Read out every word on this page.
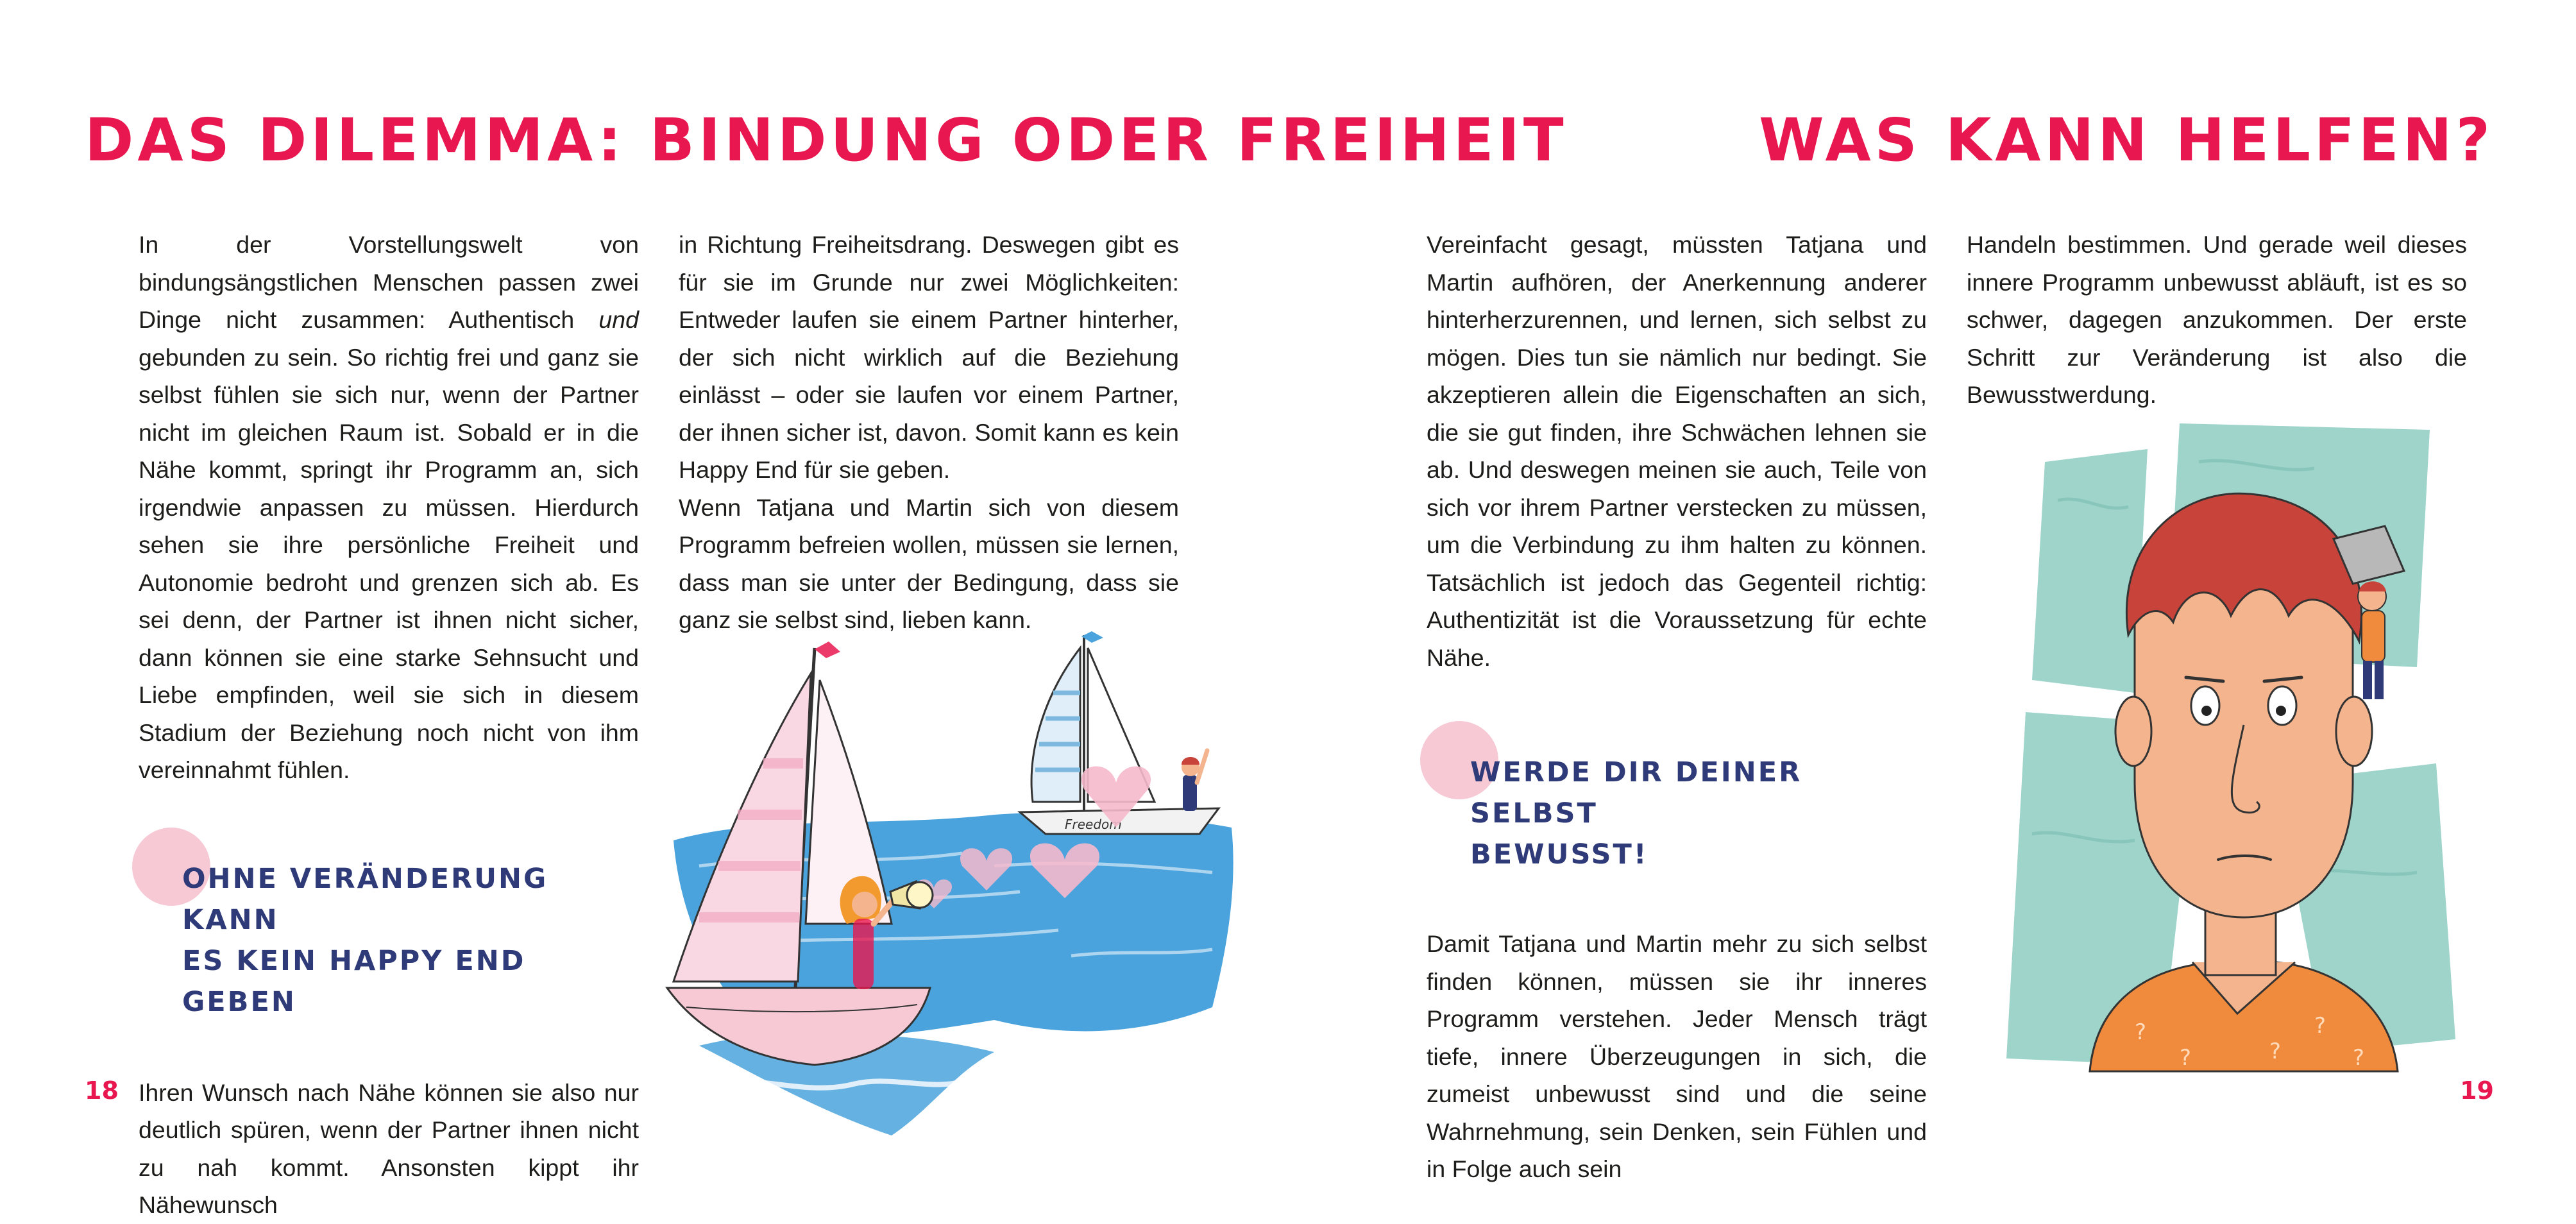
DAS DILEMMA: BINDUNG ODER FREIHEIT

In der Vorstellungswelt von bindungsängstlichen Menschen passen zwei Dinge nicht zusammen: Authentisch und gebunden zu sein. So richtig frei und ganz sie selbst fühlen sie sich nur, wenn der Partner nicht im gleichen Raum ist. Sobald er in die Nähe kommt, springt ihr Programm an, sich irgendwie anpassen zu müssen. Hierdurch sehen sie ihre persönliche Freiheit und Autonomie bedroht und grenzen sich ab. Es sei denn, der Partner ist ihnen nicht sicher, dann können sie eine starke Sehnsucht und Liebe empfinden, weil sie sich in diesem Stadium der Beziehung noch nicht von ihm vereinnahmt fühlen.

OHNE VERÄNDERUNG KANN
ES KEIN HAPPY END GEBEN

Ihren Wunsch nach Nähe können sie also nur deutlich spüren, wenn der Partner ihnen nicht zu nah kommt. Ansonsten kippt ihr Nähewunsch

in Richtung Freiheitsdrang. Deswegen gibt es für sie im Grunde nur zwei Möglichkeiten: Entweder laufen sie einem Partner hinterher, der sich nicht wirklich auf die Beziehung einlässt – oder sie laufen vor einem Partner, der ihnen sicher ist, davon. Somit kann es kein Happy End für sie geben.

Wenn Tatjana und Martin sich von diesem Programm befreien wollen, müssen sie lernen, dass man sie unter der Bedingung, dass sie ganz sie selbst sind, lieben kann.

Freedom
18
WAS KANN HELFEN?

Vereinfacht gesagt, müssten Tatjana und Martin aufhören, der Anerkennung anderer hinterherzurennen, und lernen, sich selbst zu mögen. Dies tun sie nämlich nur bedingt. Sie akzeptieren allein die Eigenschaften an sich, die sie gut finden, ihre Schwächen lehnen sie ab. Und deswegen meinen sie auch, Teile von sich vor ihrem Partner verstecken zu müssen, um die Verbindung zu ihm halten zu können. Tatsächlich ist jedoch das Gegenteil richtig: Authentizität ist die Voraussetzung für echte Nähe.

WERDE DIR DEINER SELBST
BEWUSST!

Damit Tatjana und Martin mehr zu sich selbst finden können, müssen sie ihr inneres Programm verstehen. Jeder Mensch trägt tiefe, innere Überzeugungen in sich, die zumeist unbewusst sind und die seine Wahrnehmung, sein Denken, sein Fühlen und in Folge auch sein

Handeln bestimmen. Und gerade weil dieses innere Programm unbewusst abläuft, ist es so schwer, dagegen anzukommen. Der erste Schritt zur Veränderung ist also die Bewusstwerdung.

?
?
?
?
?
19
